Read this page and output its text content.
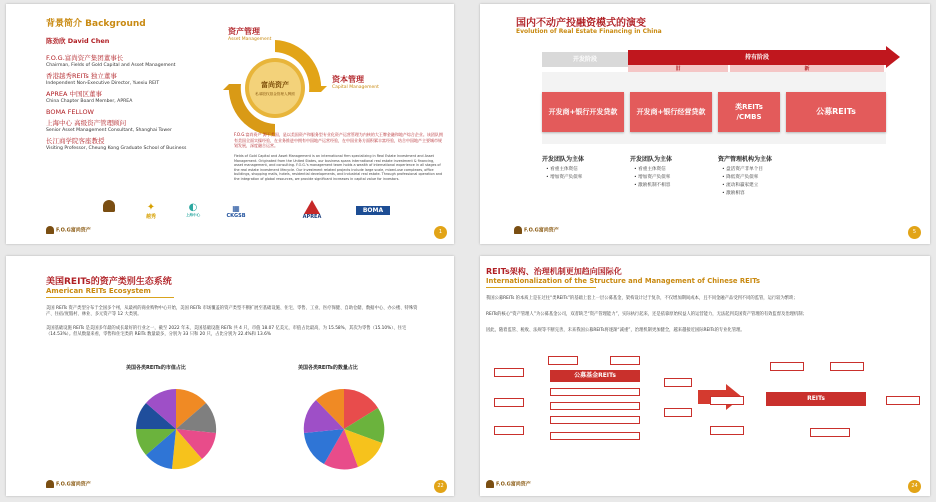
背景简介 Background
陈劲欣 David Chen
F.O.G.富尚资产集团董事长
Chairman, Fields of Gold Capital and Asset Management
香港越秀REITs 独立董事
Independent Non-Executive Director, Yuexiu REIT
APREA 中国区董事
China Chapter Board Member, APREA
BOMA FELLOW
上海中心 高级资产管理顾问
Senior Asset Management Consultant, Shanghai Tower
长江商学院客座教授
Visiting Professor, Cheung Kong Graduate School of Business
富尚资产
私募股权基金管理人牌照
资产管理
Asset Management
资本管理
Capital Management
F.O.G.富尚资产 源于美国，是以美国资产和服务型专业化资产运营管理为内核的大王牌金融和地产综合企业。该团队拥有美国全面实操经验，在业务推进中拥有中国地产运营经验，在中国业务方面积累丰富经验，结合中国地产主要城市规划发展，深度融合运营。
Fields of Gold Capital and Asset Management is an international firm specializing in Real Estate Investment and Asset Management. Originated from the United States, our business spans international real estate investment & financing, asset management, and consulting. F.O.G.'s management team holds a wealth of international experience in all stages of the real estate investment lifecycle. Our investment related projects include large scale, mixed-use complexes, office buildings, shopping malls, hotels, residential developments, and industrial real estate. Through professional operation and the integration of global resources, we provide significant increases in capital value for investors.
✦
越秀
◐
上海中心
▦
CKGSB	APREA
BOMA
F.O.G富尚资产	1
国内不动产投融资模式的演变
Evolution of Real Estate Financing in China
开发阶段	持有阶段
旧	新
开发商+银行开发贷款	开发商+银行经营贷款
类REITs
/CMBS
公募REITs
开发团队为主体
• 看重主体资信
• 增加资产负债率
开发团队为主体
• 看重主体资信
• 增加资产负债率
• 激励机制不相容
资产管理机构为主体
• 盘活资产非单个目
• 降低资产负债率
• 流动和赢家建立
• 激励相容
F.O.G富尚资产	5
美国REITs的资产类别生态系统
American REITs Ecosystem
美国 REITs 资产类型分布于全国多个州，从最初的商业购物中心开始，美国 REITs 市场覆盖的资产类型不断扩展至基础设施、住宅、零售、工业、医疗保健、自助仓储、数据中心、办公楼、特殊资产、住宿/度假村、林业、多元资产等 12 大类别。
美国基础设施 REITs 是美国多年最的成长最好的行业之一，截至 2022 年末，美国基础设施 REITs 共 4 只，市值 18.07 亿美元，市值占比最高，为 15.58%，其次为零售（15.10%）、住宅（14.53%）。但从数量来看，零售和住宅类的 REITs 数量最多，分别为 33 只和 20 只，占比分别为 22.4%和 13.6%
美国各类REITs的市值占比	美国各类REITs的数量占比
F.O.G富尚资产	22
REITs架构、治理机制更加趋向国际化
Internationalization of the Structure and Management of Chinese REITs
我国公募REITs 的本质上是在过往“类REITs”的基础上套上一层公募基金，架构设计过于复杂，不仅增加期间成本，且不同金融产品受到不同的监管，运行较为繁琐；
REITs的核心“资产管理人”为公募基金公司，双者缺乏“资产管理能力”，实际执行起来，还是依靠原始权益人的运营能力，无法起到美国资产管理的有效监督及治理机制；
因此，随着监管、税收、法规等不断完善，未来我国公募REITs将逐渐“减重”，治理机制更加健全，越来越接近国际REITs的专业化管理。
公募基金REITs
REITs
F.O.G富尚资产	24
